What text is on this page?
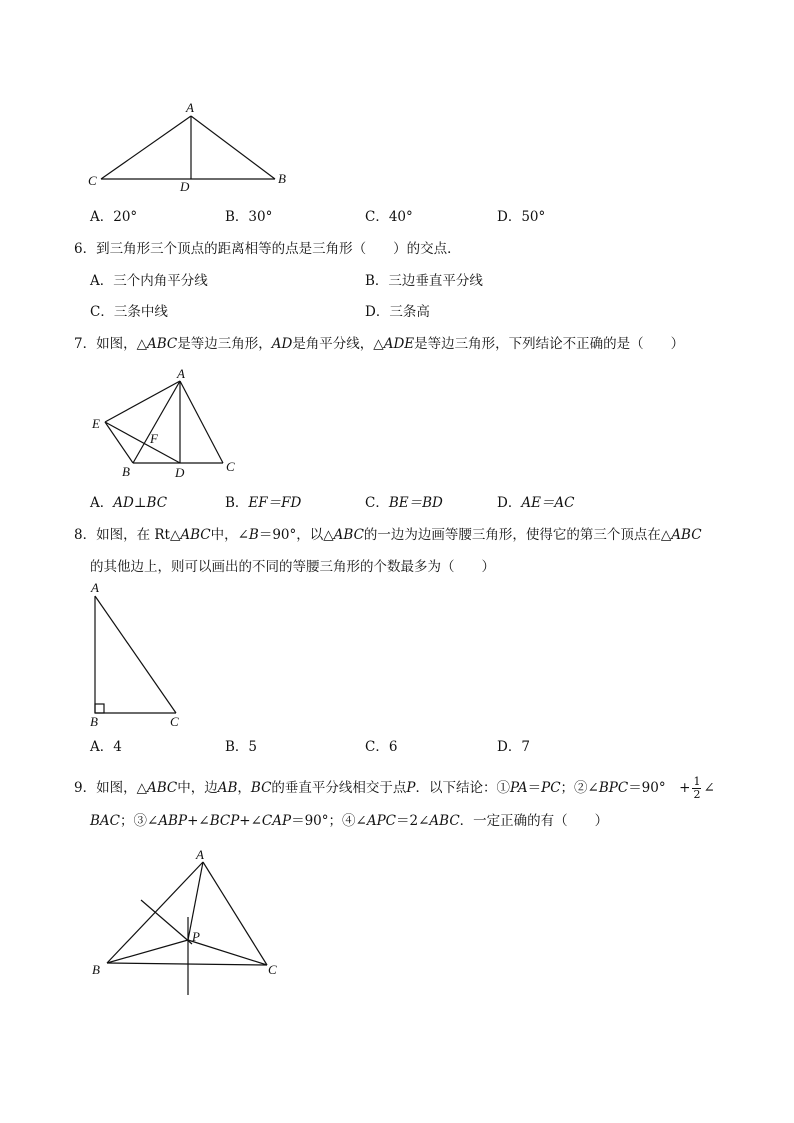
A
C	D
B
A
E
F
B	D	C
A
B	C
A
P
B	C
A．20°	B．30°	C．40°	D．50°
6．到三角形三个顶点的距离相等的点是三角形（　　）的交点．
A．三个内角平分线	B．三边垂直平分线
C．三条中线	D．三条高
7．如图，△ABC是等边三角形，AD是角平分线，△ADE是等边三角形，下列结论不正确的是（　　）
A．AD⊥BC	B．EF＝FD	C．BE＝BD	D．AE＝AC
8．如图，在 Rt△ABC中，∠B＝90°，以△ABC的一边为边画等腰三角形，使得它的第三个顶点在△ABC
的其他边上，则可以画出的不同的等腰三角形的个数最多为（　　）
A．4	B．5	C．6	D．7
9．如图，△ABC中，边AB，BC的垂直平分线相交于点P．以下结论：①PA＝PC；②∠BPC＝90°　+ $\frac{1}{2}$ ∠
BAC；③∠ABP+∠BCP+∠CAP＝90°；④∠APC＝2∠ABC．一定正确的有（　　）
